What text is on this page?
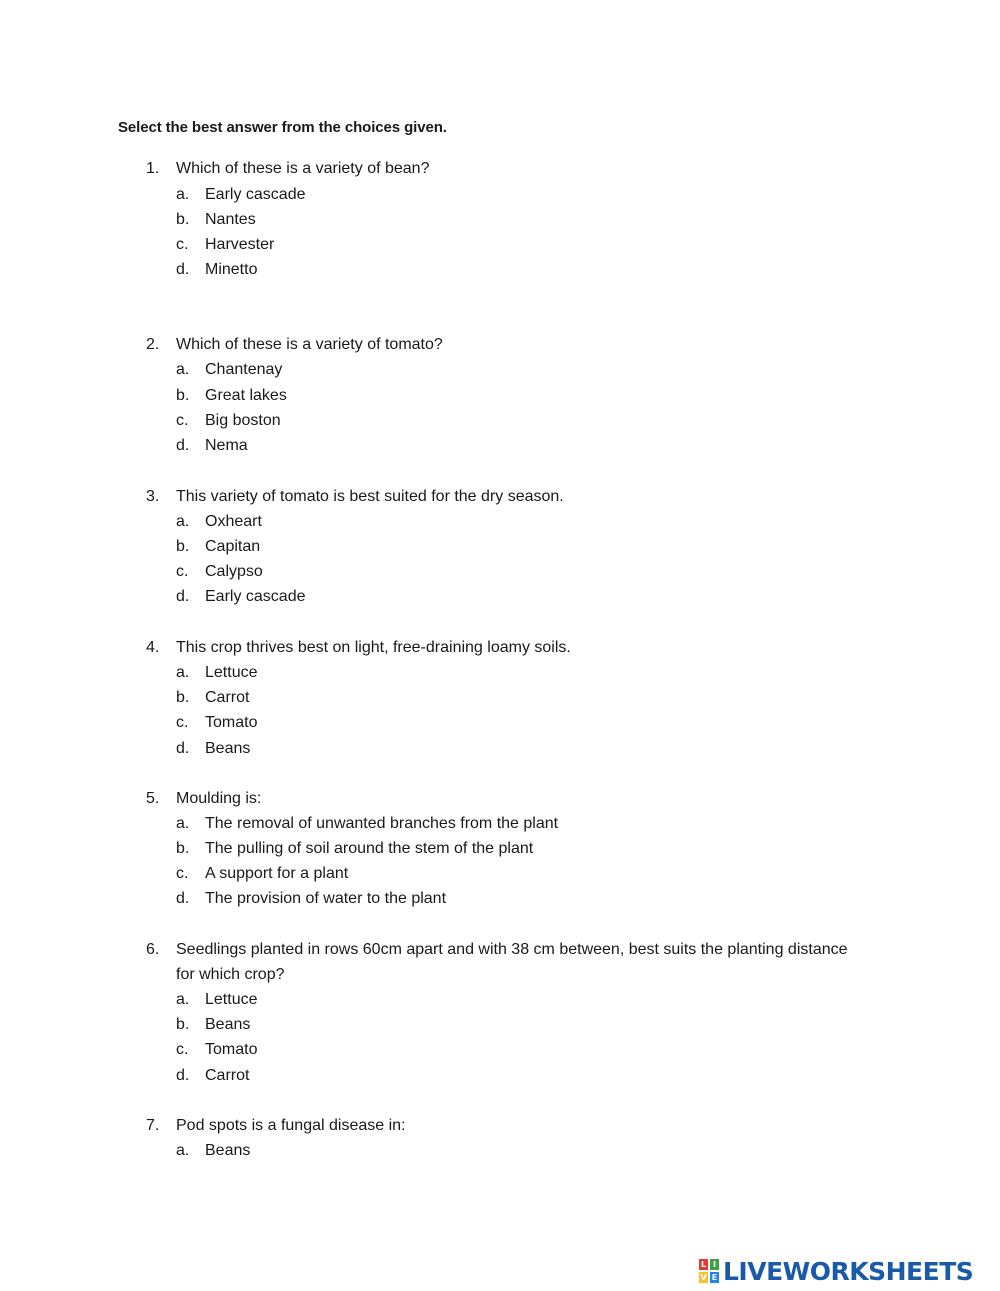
Select the best answer from the choices given.
1. Which of these is a variety of bean?
a. Early cascade
b. Nantes
c. Harvester
d. Minetto
2. Which of these is a variety of tomato?
a. Chantenay
b. Great lakes
c. Big boston
d. Nema
3. This variety of tomato is best suited for the dry season.
a. Oxheart
b. Capitan
c. Calypso
d. Early cascade
4. This crop thrives best on light, free-draining loamy soils.
a. Lettuce
b. Carrot
c. Tomato
d. Beans
5. Moulding is:
a. The removal of unwanted branches from the plant
b. The pulling of soil around the stem of the plant
c. A support for a plant
d. The provision of water to the plant
6. Seedlings planted in rows 60cm apart and with 38 cm between, best suits the planting distance
for which crop?
a. Lettuce
b. Beans
c. Tomato
d. Carrot
7. Pod spots is a fungal disease in:
a. Beans
L I
V E LIVEWORKSHEETS
